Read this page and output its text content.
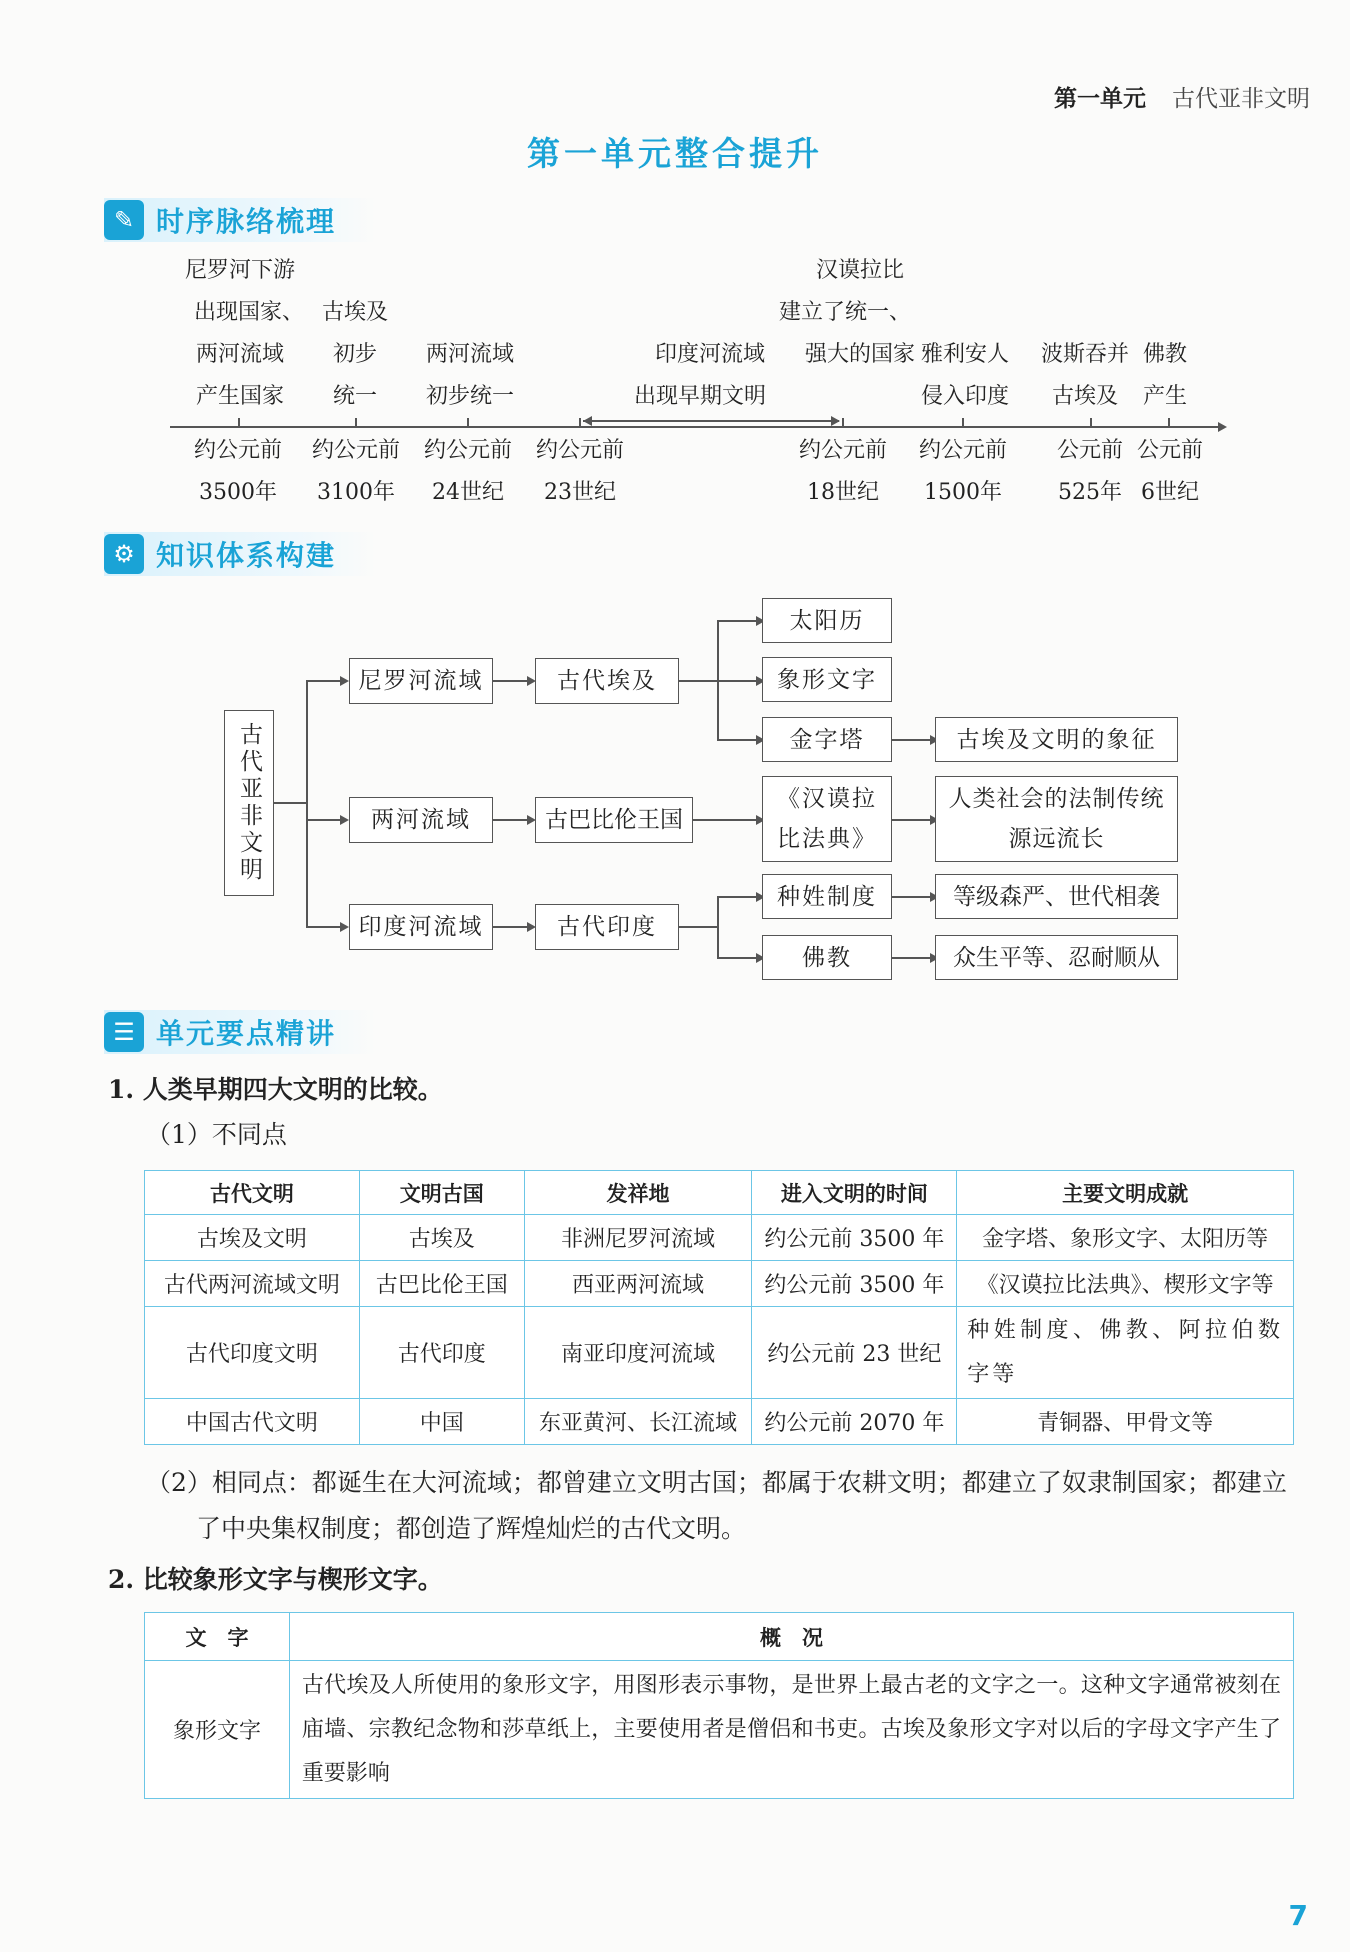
第一单元 古代亚非文明
第一单元整合提升
✎ 时序脉络梳理
尼罗河下游
出现国家、
两河流域
产生国家
古埃及
初步
统一
两河流域
初步统一
印度河流域
出现早期文明
汉谟拉比
建立了统一、
强大的国家 雅利安人
侵入印度
波斯吞并
古埃及
佛教
产生
约公元前
3500年
约公元前
3100年
约公元前
24世纪
约公元前
23世纪
约公元前
18世纪
约公元前
1500年
公元前
525年
公元前
6世纪
⚙ 知识体系构建
古代亚非文明
尼罗河流域
两河流域
印度河流域
古代埃及
古巴比伦王国
古代印度
太阳历
象形文字
金字塔	古埃及文明的象征
《汉谟拉比法典》
人类社会的法制传统源远流长
种姓制度
佛教
等级森严、世代相袭
众生平等、忍耐顺从
☰ 单元要点精讲
1. 人类早期四大文明的比较。
（1）不同点
古代文明	文明古国	发祥地	进入文明的时间	主要文明成就
古埃及文明	古埃及	非洲尼罗河流域	约公元前 3500 年	金字塔、象形文字、太阳历等
古代两河流域文明	古巴比伦王国	西亚两河流域	约公元前 3500 年	《汉谟拉比法典》、楔形文字等
古代印度文明	古代印度	南亚印度河流域	约公元前 23 世纪	种姓制度、佛教、阿拉伯数字等
中国古代文明	中国	东亚黄河、长江流域	约公元前 2070 年	青铜器、甲骨文等
（2）相同点：都诞生在大河流域；都曾建立文明古国；都属于农耕文明；都建立了奴隶制国家；都建立了中央集权制度；都创造了辉煌灿烂的古代文明。
2. 比较象形文字与楔形文字。
文　字	概　况
象形文字	古代埃及人所使用的象形文字，用图形表示事物，是世界上最古老的文字之一。这种文字通常被刻在庙墙、宗教纪念物和莎草纸上，主要使用者是僧侣和书吏。古埃及象形文字对以后的字母文字产生了重要影响
7
